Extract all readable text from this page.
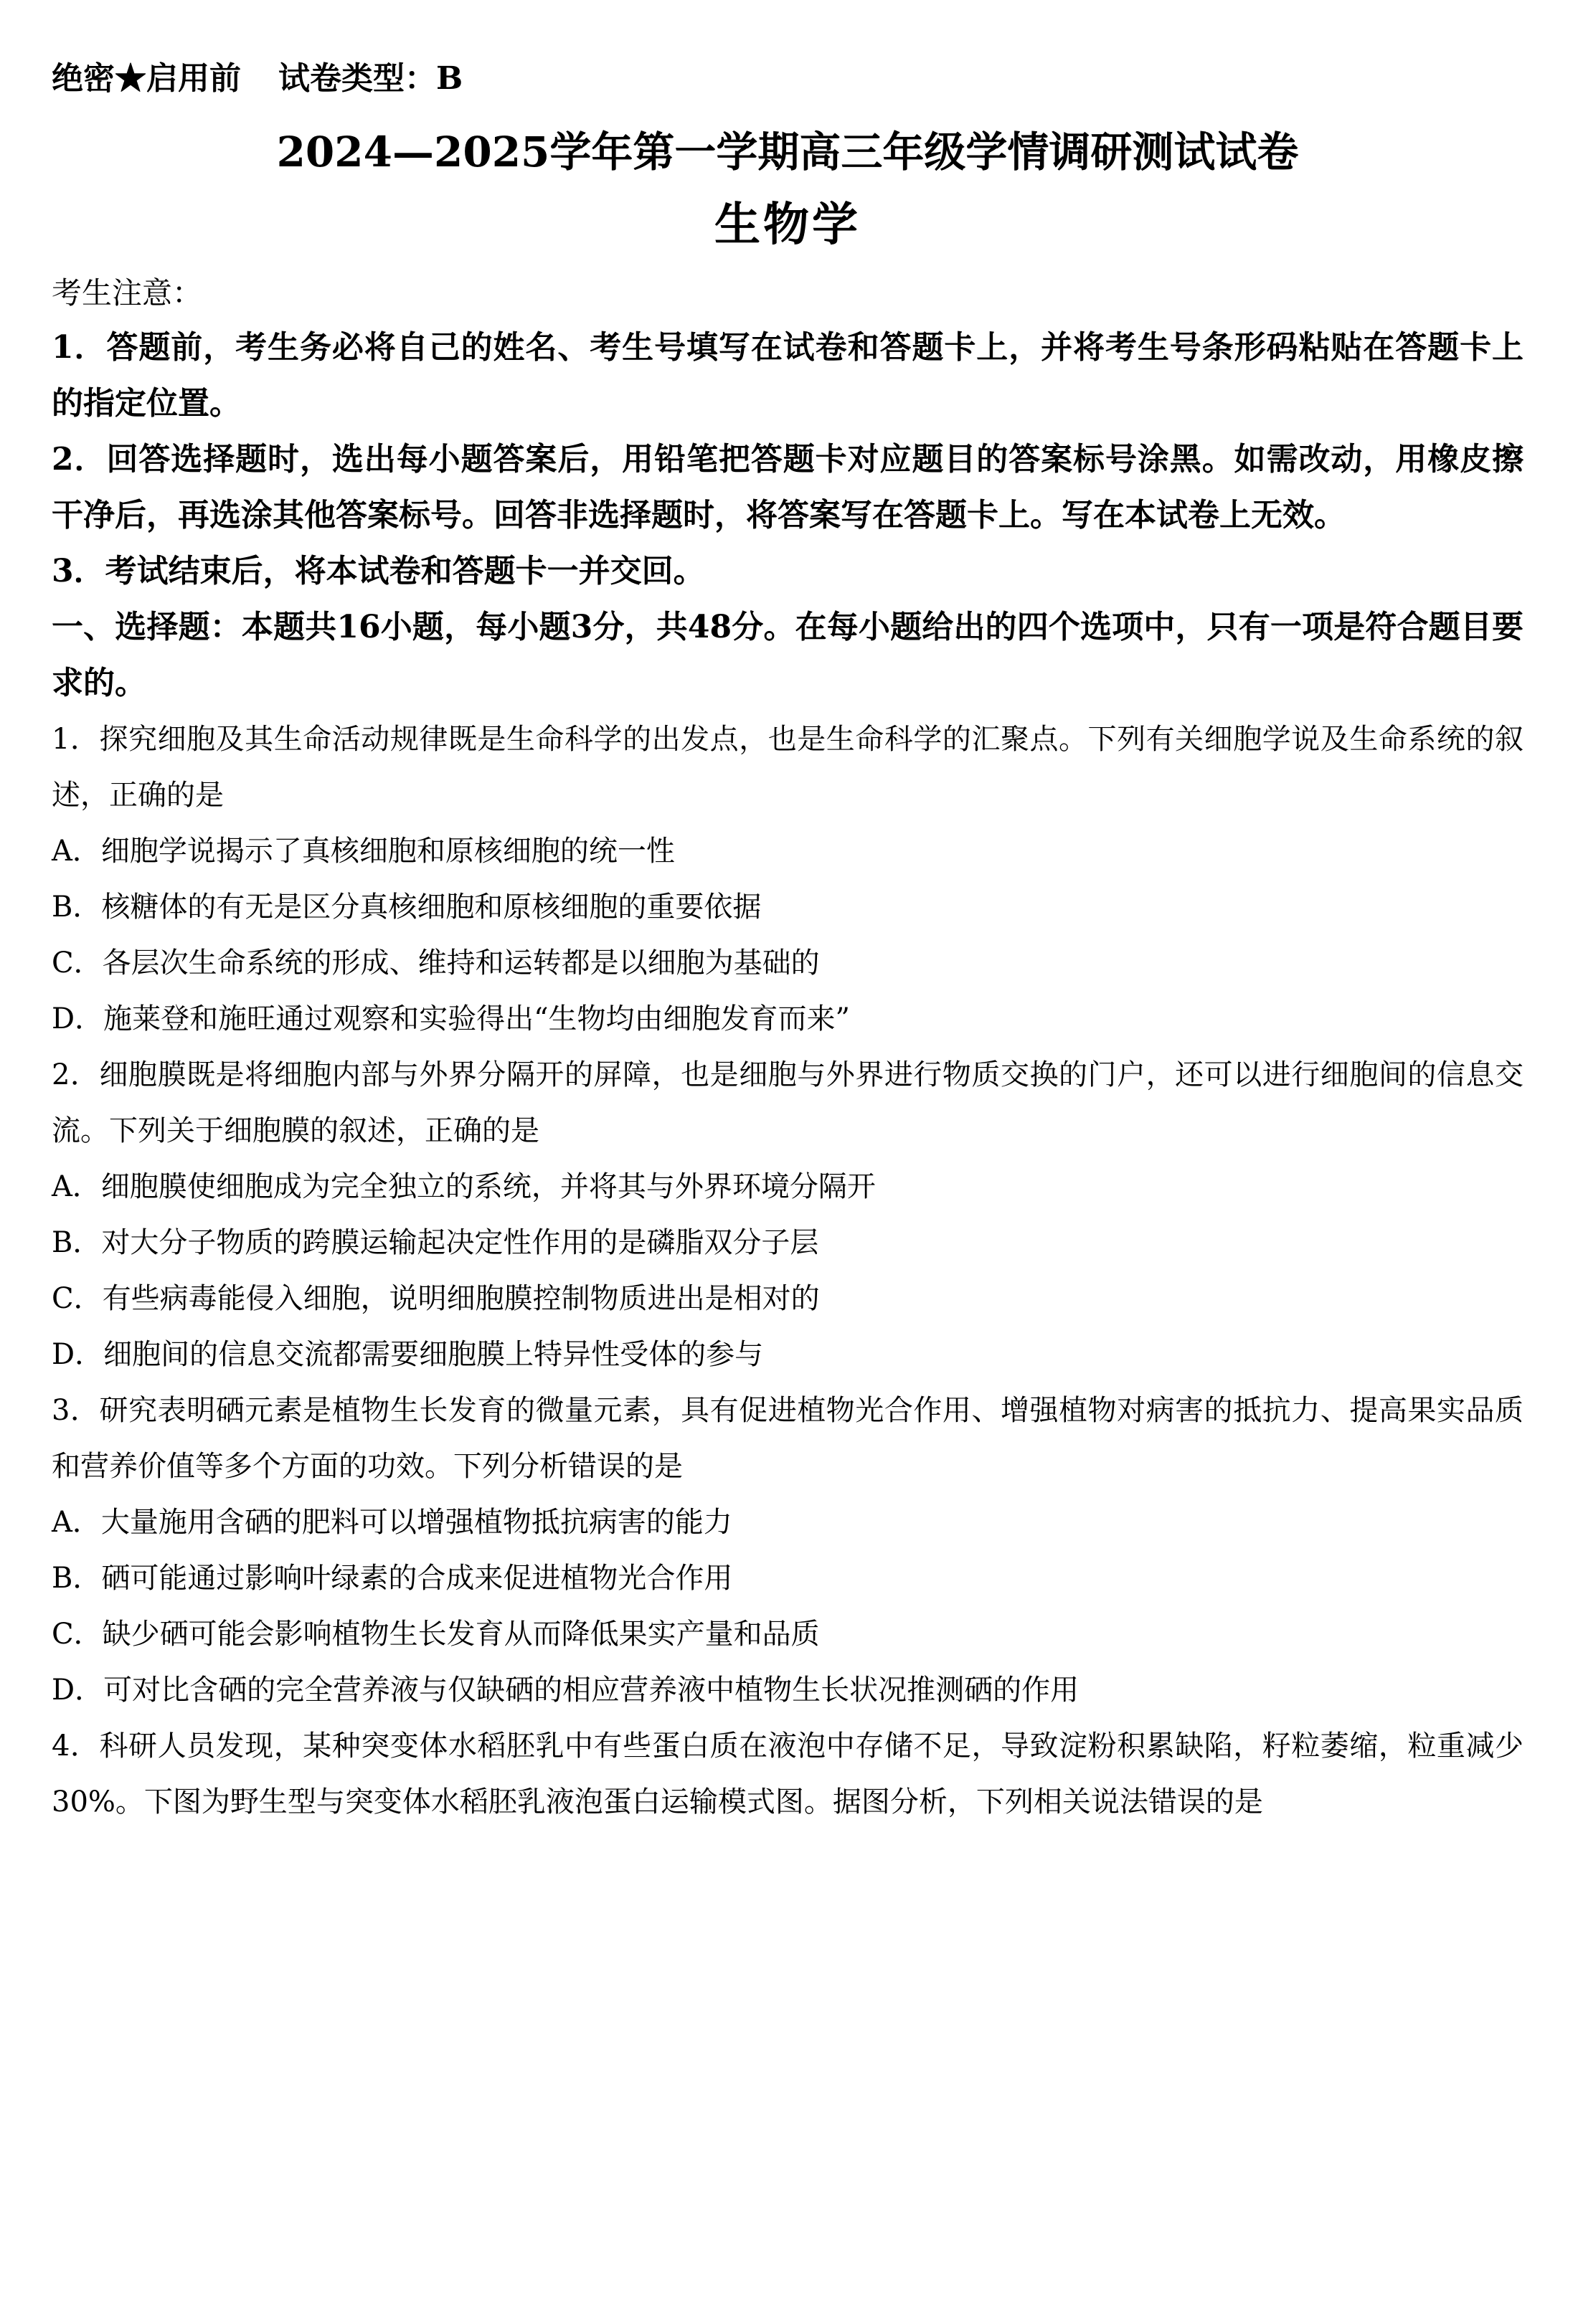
绝密★启用前 试卷类型：B
2024—2025学年第一学期高三年级学情调研测试试卷
生物学
考生注意：
1．答题前，考生务必将自己的姓名、考生号填写在试卷和答题卡上，并将考生号条形码粘贴在答题卡上的指定位置。
2．回答选择题时，选出每小题答案后，用铅笔把答题卡对应题目的答案标号涂黑。如需改动，用橡皮擦干净后，再选涂其他答案标号。回答非选择题时，将答案写在答题卡上。写在本试卷上无效。
3．考试结束后，将本试卷和答题卡一并交回。
一、选择题：本题共16小题，每小题3分，共48分。在每小题给出的四个选项中，只有一项是符合题目要求的。
1．探究细胞及其生命活动规律既是生命科学的出发点，也是生命科学的汇聚点。下列有关细胞学说及生命系统的叙述，正确的是
A．细胞学说揭示了真核细胞和原核细胞的统一性
B．核糖体的有无是区分真核细胞和原核细胞的重要依据
C．各层次生命系统的形成、维持和运转都是以细胞为基础的
D．施莱登和施旺通过观察和实验得出“生物均由细胞发育而来”
2．细胞膜既是将细胞内部与外界分隔开的屏障，也是细胞与外界进行物质交换的门户，还可以进行细胞间的信息交流。下列关于细胞膜的叙述，正确的是
A．细胞膜使细胞成为完全独立的系统，并将其与外界环境分隔开
B．对大分子物质的跨膜运输起决定性作用的是磷脂双分子层
C．有些病毒能侵入细胞，说明细胞膜控制物质进出是相对的
D．细胞间的信息交流都需要细胞膜上特异性受体的参与
3．研究表明硒元素是植物生长发育的微量元素，具有促进植物光合作用、增强植物对病害的抵抗力、提高果实品质和营养价值等多个方面的功效。下列分析错误的是
A．大量施用含硒的肥料可以增强植物抵抗病害的能力
B．硒可能通过影响叶绿素的合成来促进植物光合作用
C．缺少硒可能会影响植物生长发育从而降低果实产量和品质
D．可对比含硒的完全营养液与仅缺硒的相应营养液中植物生长状况推测硒的作用
4．科研人员发现，某种突变体水稻胚乳中有些蛋白质在液泡中存储不足，导致淀粉积累缺陷，籽粒萎缩，粒重减少30%。下图为野生型与突变体水稻胚乳液泡蛋白运输模式图。据图分析，下列相关说法错误的是
